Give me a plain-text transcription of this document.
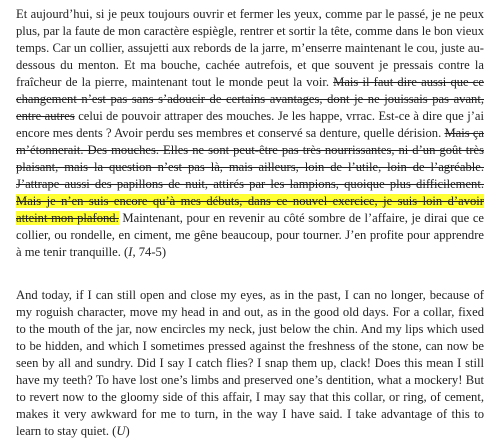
Et aujourd’hui, si je peux toujours ouvrir et fermer les yeux, comme par le passé, je ne peux plus, par la faute de mon caractère espiègle, rentrer et sortir la tête, comme dans le bon vieux temps. Car un collier, assujetti aux rebords de la jarre, m’enserre maintenant le cou, juste au-dessous du menton. Et ma bouche, cachée autrefois, et que souvent je pressais contre la fraîcheur de la pierre, maintenant tout le monde peut la voir. Mais il faut dire aussi que ce changement n’est pas sans s’adoucir de certains avantages, dont je ne jouissais pas avant, entre autres celui de pouvoir attraper des mouches. Je les happe, vrrac. Est-ce à dire que j’ai encore mes dents ? Avoir perdu ses membres et conservé sa denture, quelle dérision. Mais ça m’étonnerait. Des mouches. Elles ne sont peut-être pas très nourrissantes, ni d’un goût très plaisant, mais la question n’est pas là, mais ailleurs, loin de l’utile, loin de l’agréable. J’attrape aussi des papillons de nuit, attirés par les lampions, quoique plus difficilement. Mais je n’en suis encore qu’à mes débuts, dans ce nouvel exercice, je suis loin d’avoir atteint mon plafond. Maintenant, pour en revenir au côté sombre de l’affaire, je dirai que ce collier, ou rondelle, en ciment, me gêne beaucoup, pour tourner. J’en profite pour apprendre à me tenir tranquille. (I, 74-5)

And today, if I can still open and close my eyes, as in the past, I can no longer, because of my roguish character, move my head in and out, as in the good old days. For a collar, fixed to the mouth of the jar, now encircles my neck, just below the chin. And my lips which used to be hidden, and which I sometimes pressed against the freshness of the stone, can now be seen by all and sundry. Did I say I catch flies? I snap them up, clack! Does this mean I still have my teeth? To have lost one’s limbs and preserved one’s dentition, what a mockery! But to revert now to the gloomy side of this affair, I may say that this collar, or ring, of cement, makes it very awkward for me to turn, in the way I have said. I take advantage of this to learn to stay quiet. (U)
